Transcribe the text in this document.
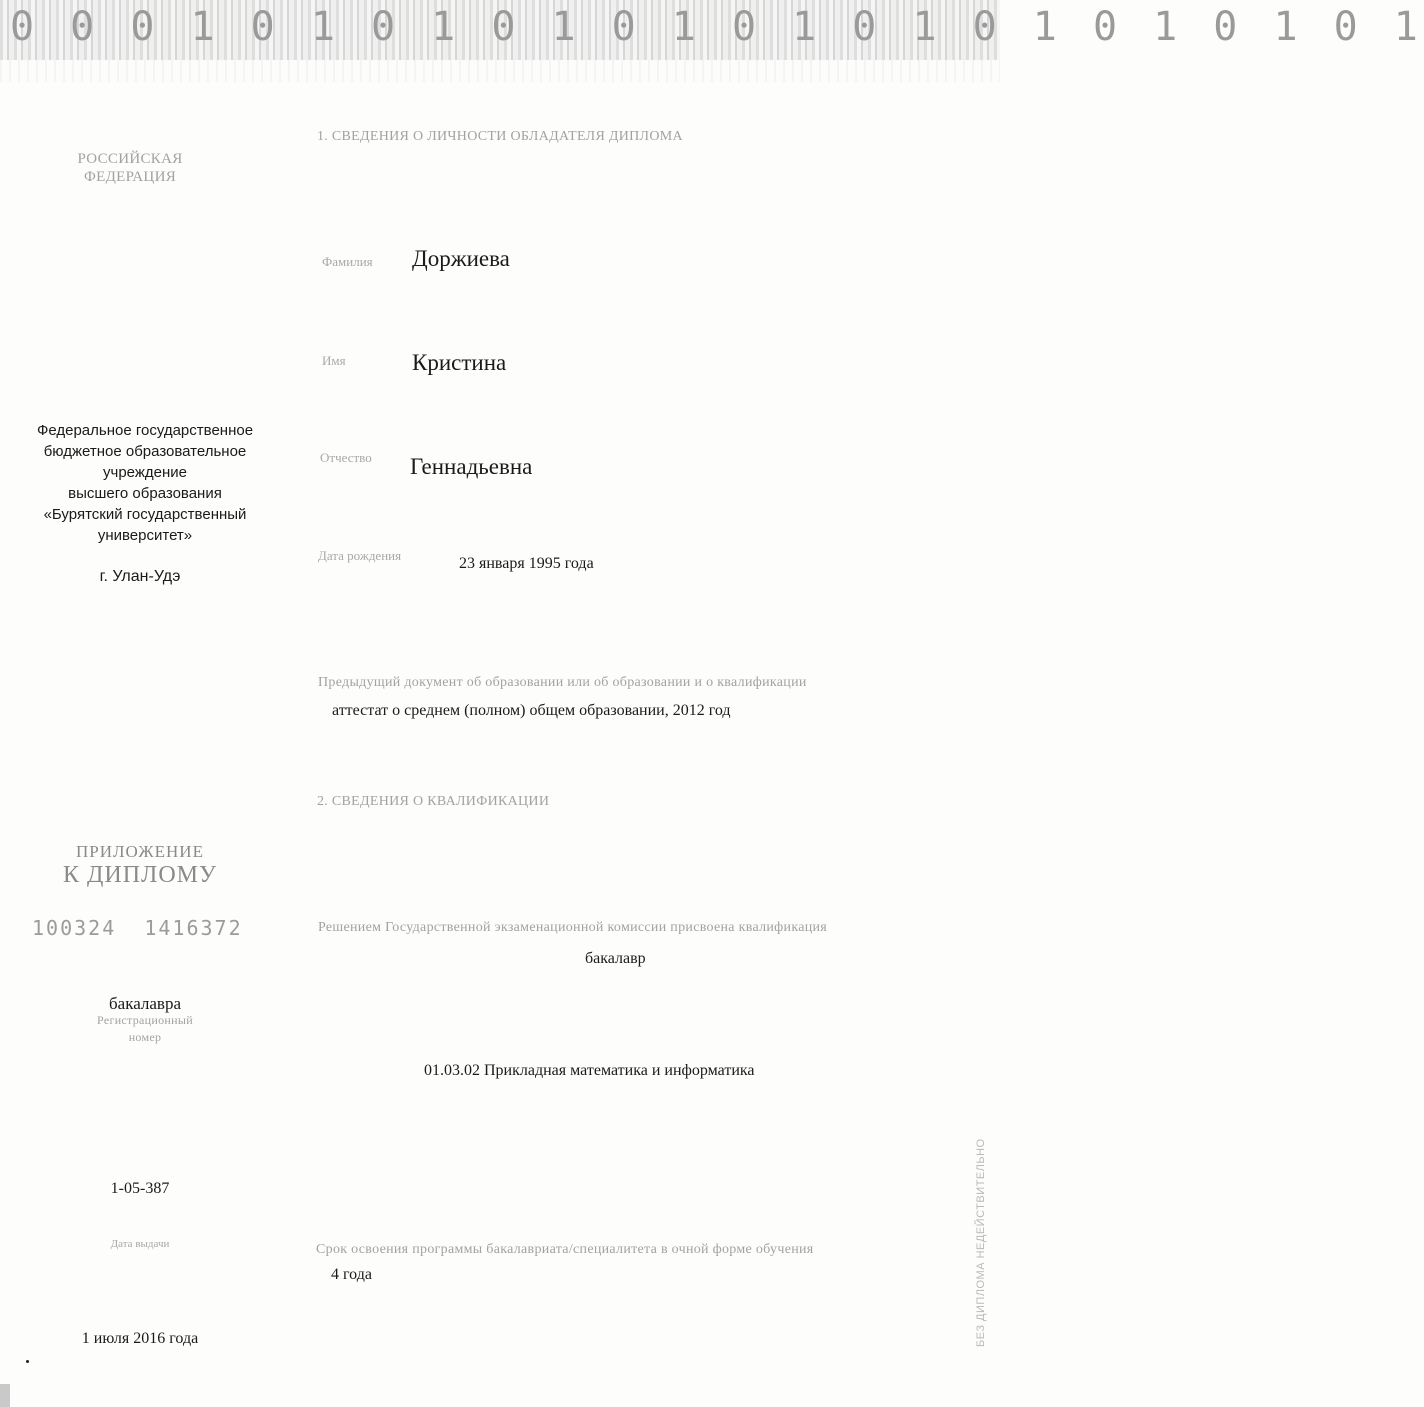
0 0 0 1 0 1 0 1 0 1 0 1 0 1 0 1 0 1 0 1 0 1 0 1
РОССИЙСКАЯ
ФЕДЕРАЦИЯ
Федеральное государственное
бюджетное образовательное
учреждение
высшего образования
«Бурятский государственный
университет»
г. Улан-Удэ
ПРИЛОЖЕНИЕ
К ДИПЛОМУ
100324  1416372
бакалавра
Регистрационный
номер
1-05-387
Дата выдачи
1 июля 2016 года
1. СВЕДЕНИЯ О ЛИЧНОСТИ ОБЛАДАТЕЛЯ ДИПЛОМА
Фамилия Доржиева
Имя	Кристина
Отчество Геннадьевна
Дата рождения	23 января 1995 года
Предыдущий документ об образовании или об образовании и о квалификации
аттестат о среднем (полном) общем образовании, 2012 год
2. СВЕДЕНИЯ О КВАЛИФИКАЦИИ
Решением Государственной экзаменационной комиссии присвоена квалификация
бакалавр
01.03.02 Прикладная математика и информатика
Срок освоения программы бакалавриата/специалитета в очной форме обучения
4 года	БЕЗ ДИПЛОМА НЕДЕЙСТВИТЕЛЬНО
